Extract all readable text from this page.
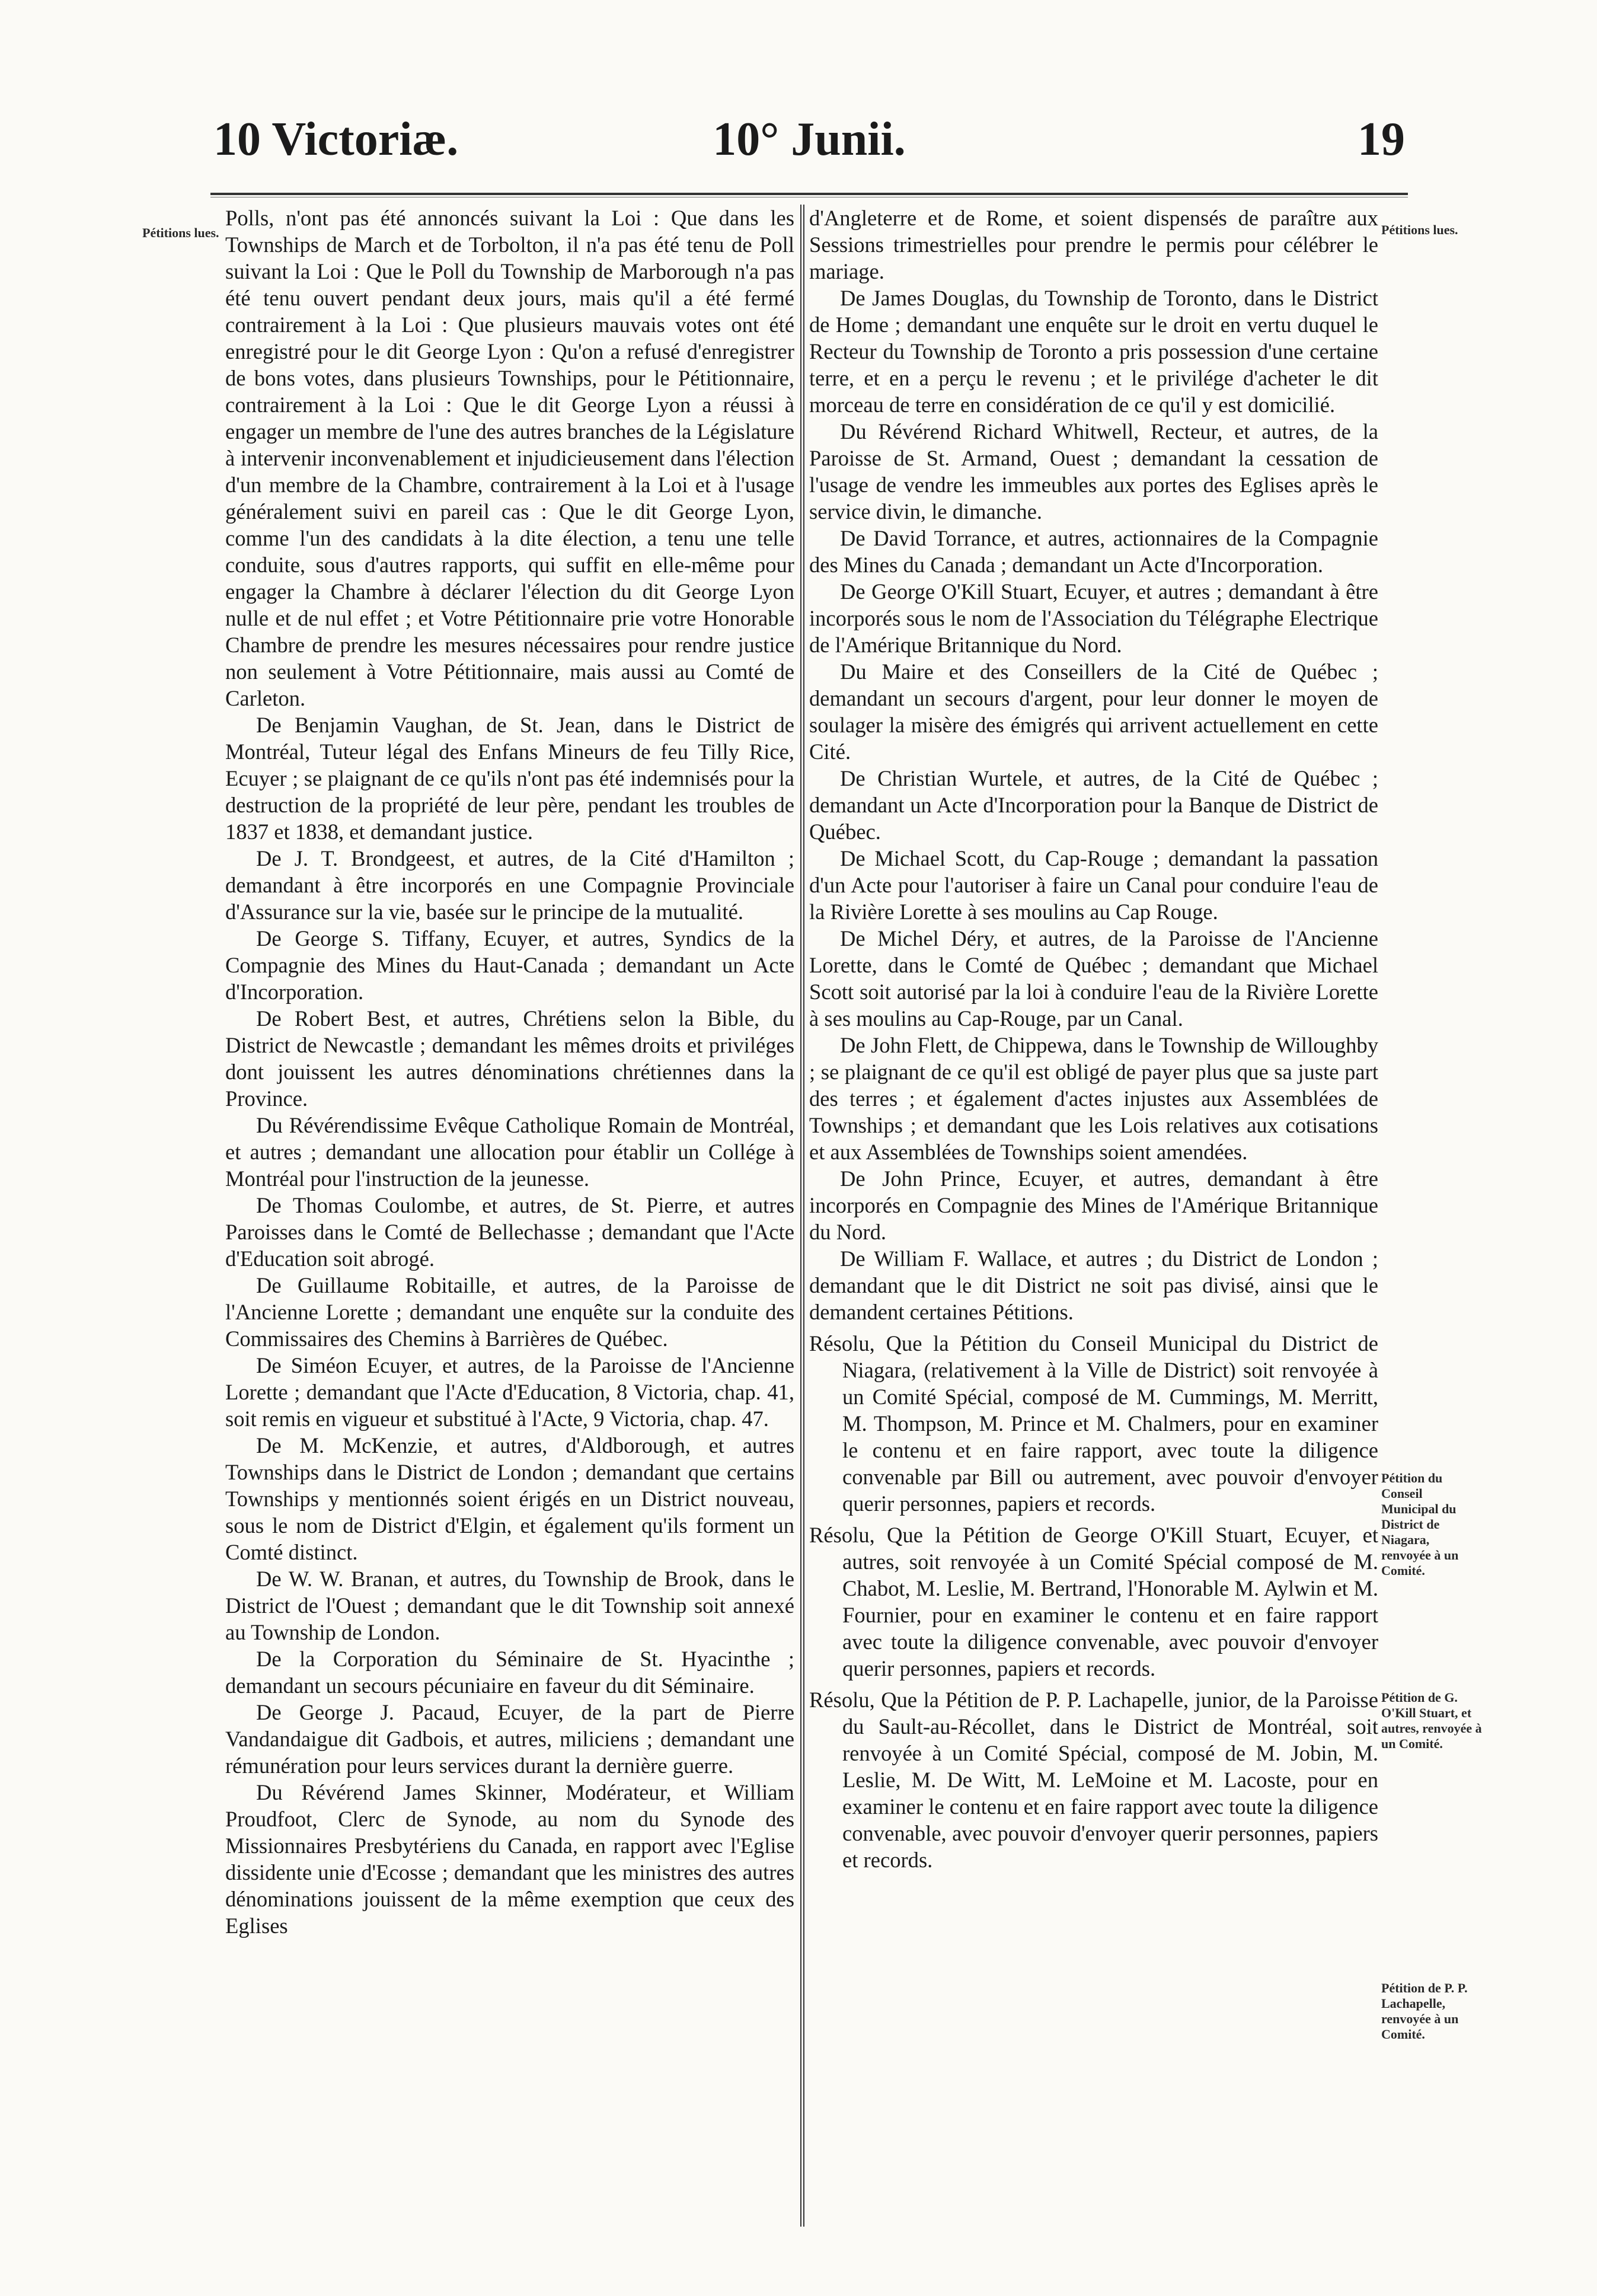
10 Victoriæ.	10° Junii.	19
Pétitions lues.	Pétitions lues.
Pétition du Conseil Municipal du District de Niagara, renvoyée à un Comité.
Pétition de G. O'Kill Stuart, et autres, renvoyée à un Comité.
Pétition de P. P. Lachapelle, renvoyée à un Comité.

Polls, n'ont pas été annoncés suivant la Loi : Que dans les Townships de March et de Torbolton, il n'a pas été tenu de Poll suivant la Loi : Que le Poll du Township de Marborough n'a pas été tenu ouvert pendant deux jours, mais qu'il a été fermé contrairement à la Loi : Que plusieurs mauvais votes ont été enregistré pour le dit George Lyon : Qu'on a refusé d'enregistrer de bons votes, dans plusieurs Townships, pour le Pétitionnaire, contrairement à la Loi : Que le dit George Lyon a réussi à engager un membre de l'une des autres branches de la Législature à intervenir inconvenablement et injudicieusement dans l'élection d'un membre de la Chambre, contrairement à la Loi et à l'usage généralement suivi en pareil cas : Que le dit George Lyon, comme l'un des candidats à la dite élection, a tenu une telle conduite, sous d'autres rapports, qui suffit en elle-même pour engager la Chambre à déclarer l'élection du dit George Lyon nulle et de nul effet ; et Votre Pétitionnaire prie votre Honorable Chambre de prendre les mesures nécessaires pour rendre justice non seulement à Votre Pétitionnaire, mais aussi au Comté de Carleton.

De Benjamin Vaughan, de St. Jean, dans le District de Montréal, Tuteur légal des Enfans Mineurs de feu Tilly Rice, Ecuyer ; se plaignant de ce qu'ils n'ont pas été indemnisés pour la destruction de la propriété de leur père, pendant les troubles de 1837 et 1838, et demandant justice.

De J. T. Brondgeest, et autres, de la Cité d'Hamilton ; demandant à être incorporés en une Compagnie Provinciale d'Assurance sur la vie, basée sur le principe de la mutualité.

De George S. Tiffany, Ecuyer, et autres, Syndics de la Compagnie des Mines du Haut-Canada ; demandant un Acte d'Incorporation.

De Robert Best, et autres, Chrétiens selon la Bible, du District de Newcastle ; demandant les mêmes droits et priviléges dont jouissent les autres dénominations chrétiennes dans la Province.

Du Révérendissime Evêque Catholique Romain de Montréal, et autres ; demandant une allocation pour établir un Collége à Montréal pour l'instruction de la jeunesse.

De Thomas Coulombe, et autres, de St. Pierre, et autres Paroisses dans le Comté de Bellechasse ; demandant que l'Acte d'Education soit abrogé.

De Guillaume Robitaille, et autres, de la Paroisse de l'Ancienne Lorette ; demandant une enquête sur la conduite des Commissaires des Chemins à Barrières de Québec.

De Siméon Ecuyer, et autres, de la Paroisse de l'Ancienne Lorette ; demandant que l'Acte d'Education, 8 Victoria, chap. 41, soit remis en vigueur et substitué à l'Acte, 9 Victoria, chap. 47.

De M. McKenzie, et autres, d'Aldborough, et autres Townships dans le District de London ; demandant que certains Townships y mentionnés soient érigés en un District nouveau, sous le nom de District d'Elgin, et également qu'ils forment un Comté distinct.

De W. W. Branan, et autres, du Township de Brook, dans le District de l'Ouest ; demandant que le dit Township soit annexé au Township de London.

De la Corporation du Séminaire de St. Hyacinthe ; demandant un secours pécuniaire en faveur du dit Séminaire.

De George J. Pacaud, Ecuyer, de la part de Pierre Vandandaigue dit Gadbois, et autres, miliciens ; demandant une rémunération pour leurs services durant la dernière guerre.

Du Révérend James Skinner, Modérateur, et William Proudfoot, Clerc de Synode, au nom du Synode des Missionnaires Presbytériens du Canada, en rapport avec l'Eglise dissidente unie d'Ecosse ; demandant que les ministres des autres dénominations jouissent de la même exemption que ceux des Eglises

d'Angleterre et de Rome, et soient dispensés de paraître aux Sessions trimestrielles pour prendre le permis pour célébrer le mariage.

De James Douglas, du Township de Toronto, dans le District de Home ; demandant une enquête sur le droit en vertu duquel le Recteur du Township de Toronto a pris possession d'une certaine terre, et en a perçu le revenu ; et le privilége d'acheter le dit morceau de terre en considération de ce qu'il y est domicilié.

Du Révérend Richard Whitwell, Recteur, et autres, de la Paroisse de St. Armand, Ouest ; demandant la cessation de l'usage de vendre les immeubles aux portes des Eglises après le service divin, le dimanche.

De David Torrance, et autres, actionnaires de la Compagnie des Mines du Canada ; demandant un Acte d'Incorporation.

De George O'Kill Stuart, Ecuyer, et autres ; demandant à être incorporés sous le nom de l'Association du Télégraphe Electrique de l'Amérique Britannique du Nord.

Du Maire et des Conseillers de la Cité de Québec ; demandant un secours d'argent, pour leur donner le moyen de soulager la misère des émigrés qui arrivent actuellement en cette Cité.

De Christian Wurtele, et autres, de la Cité de Québec ; demandant un Acte d'Incorporation pour la Banque de District de Québec.

De Michael Scott, du Cap-Rouge ; demandant la passation d'un Acte pour l'autoriser à faire un Canal pour conduire l'eau de la Rivière Lorette à ses moulins au Cap Rouge.

De Michel Déry, et autres, de la Paroisse de l'Ancienne Lorette, dans le Comté de Québec ; demandant que Michael Scott soit autorisé par la loi à conduire l'eau de la Rivière Lorette à ses moulins au Cap-Rouge, par un Canal.

De John Flett, de Chippewa, dans le Township de Willoughby ; se plaignant de ce qu'il est obligé de payer plus que sa juste part des terres ; et également d'actes injustes aux Assemblées de Townships ; et demandant que les Lois relatives aux cotisations et aux Assemblées de Townships soient amendées.

De John Prince, Ecuyer, et autres, demandant à être incorporés en Compagnie des Mines de l'Amérique Britannique du Nord.

De William F. Wallace, et autres ; du District de London ; demandant que le dit District ne soit pas divisé, ainsi que le demandent certaines Pétitions.

Résolu, Que la Pétition du Conseil Municipal du District de Niagara, (relativement à la Ville de District) soit renvoyée à un Comité Spécial, composé de M. Cummings, M. Merritt, M. Thompson, M. Prince et M. Chalmers, pour en examiner le contenu et en faire rapport, avec toute la diligence convenable par Bill ou autrement, avec pouvoir d'envoyer querir personnes, papiers et records.

Résolu, Que la Pétition de George O'Kill Stuart, Ecuyer, et autres, soit renvoyée à un Comité Spécial composé de M. Chabot, M. Leslie, M. Bertrand, l'Honorable M. Aylwin et M. Fournier, pour en examiner le contenu et en faire rapport avec toute la diligence convenable, avec pouvoir d'envoyer querir personnes, papiers et records.

Résolu, Que la Pétition de P. P. Lachapelle, junior, de la Paroisse du Sault-au-Récollet, dans le District de Montréal, soit renvoyée à un Comité Spécial, composé de M. Jobin, M. Leslie, M. De Witt, M. LeMoine et M. Lacoste, pour en examiner le contenu et en faire rapport avec toute la diligence convenable, avec pouvoir d'envoyer querir personnes, papiers et records.
